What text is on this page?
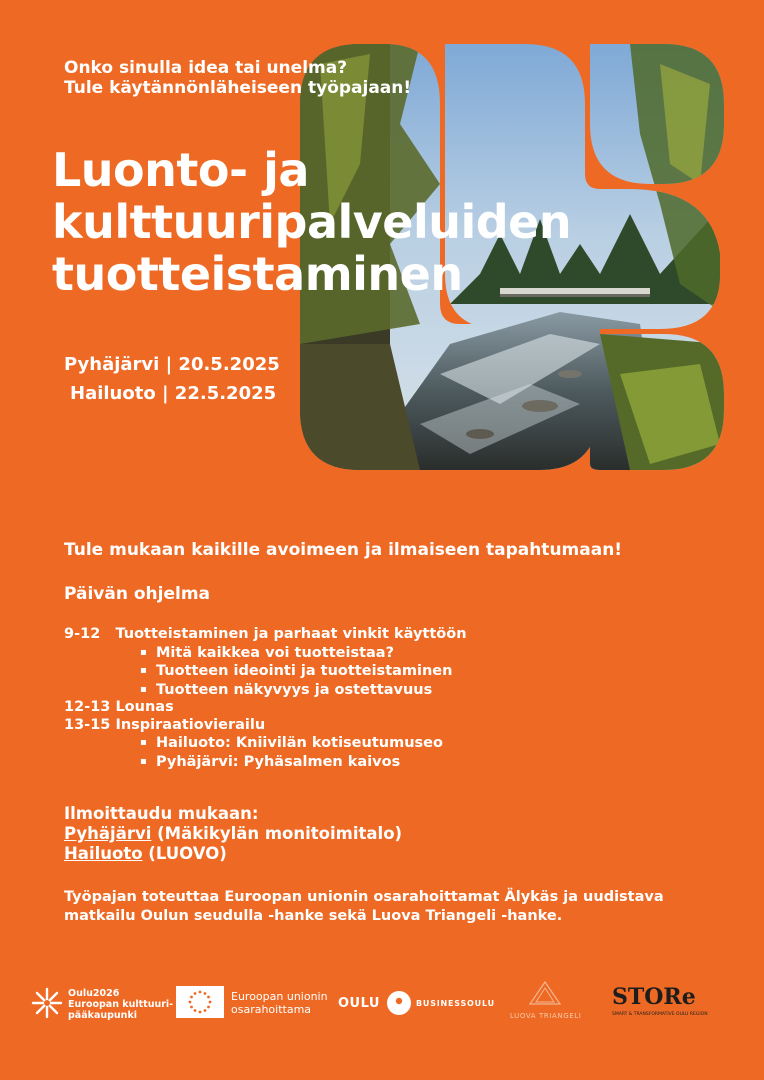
Onko sinulla idea tai unelma?
Tule käytännönläheiseen työpajaan!
Luonto- ja
kulttuuripalveluiden
tuotteistaminen
Pyhäjärvi | 20.5.2025
Hailuoto | 22.5.2025
Tule mukaan kaikille avoimeen ja ilmaiseen tapahtumaan!
Päivän ohjelma
9-12 Tuotteistaminen ja parhaat vinkit käyttöön
▪ Mitä kaikkea voi tuotteistaa?
▪ Tuotteen ideointi ja tuotteistaminen
▪ Tuotteen näkyvyys ja ostettavuus
12-13 Lounas
13-15 Inspiraatiovierailu
▪ Hailuoto: Kniivilän kotiseutumuseo
▪ Pyhäjärvi: Pyhäsalmen kaivos
Ilmoittaudu mukaan:
Pyhäjärvi (Mäkikylän monitoimitalo)
Hailuoto (LUOVO)
Työpajan toteuttaa Euroopan unionin osarahoittamat Älykäs ja uudistava
matkailu Oulun seudulla -hanke sekä Luova Triangeli -hanke.
Oulu2026
Euroopan kulttuuri-
pääkaupunki
Euroopan unionin
osarahoittama	OULU	BUSINESSOULU
LUOVA TRIANGELI
STORe
SMART & TRANSFORMATIVE OULU REGION
